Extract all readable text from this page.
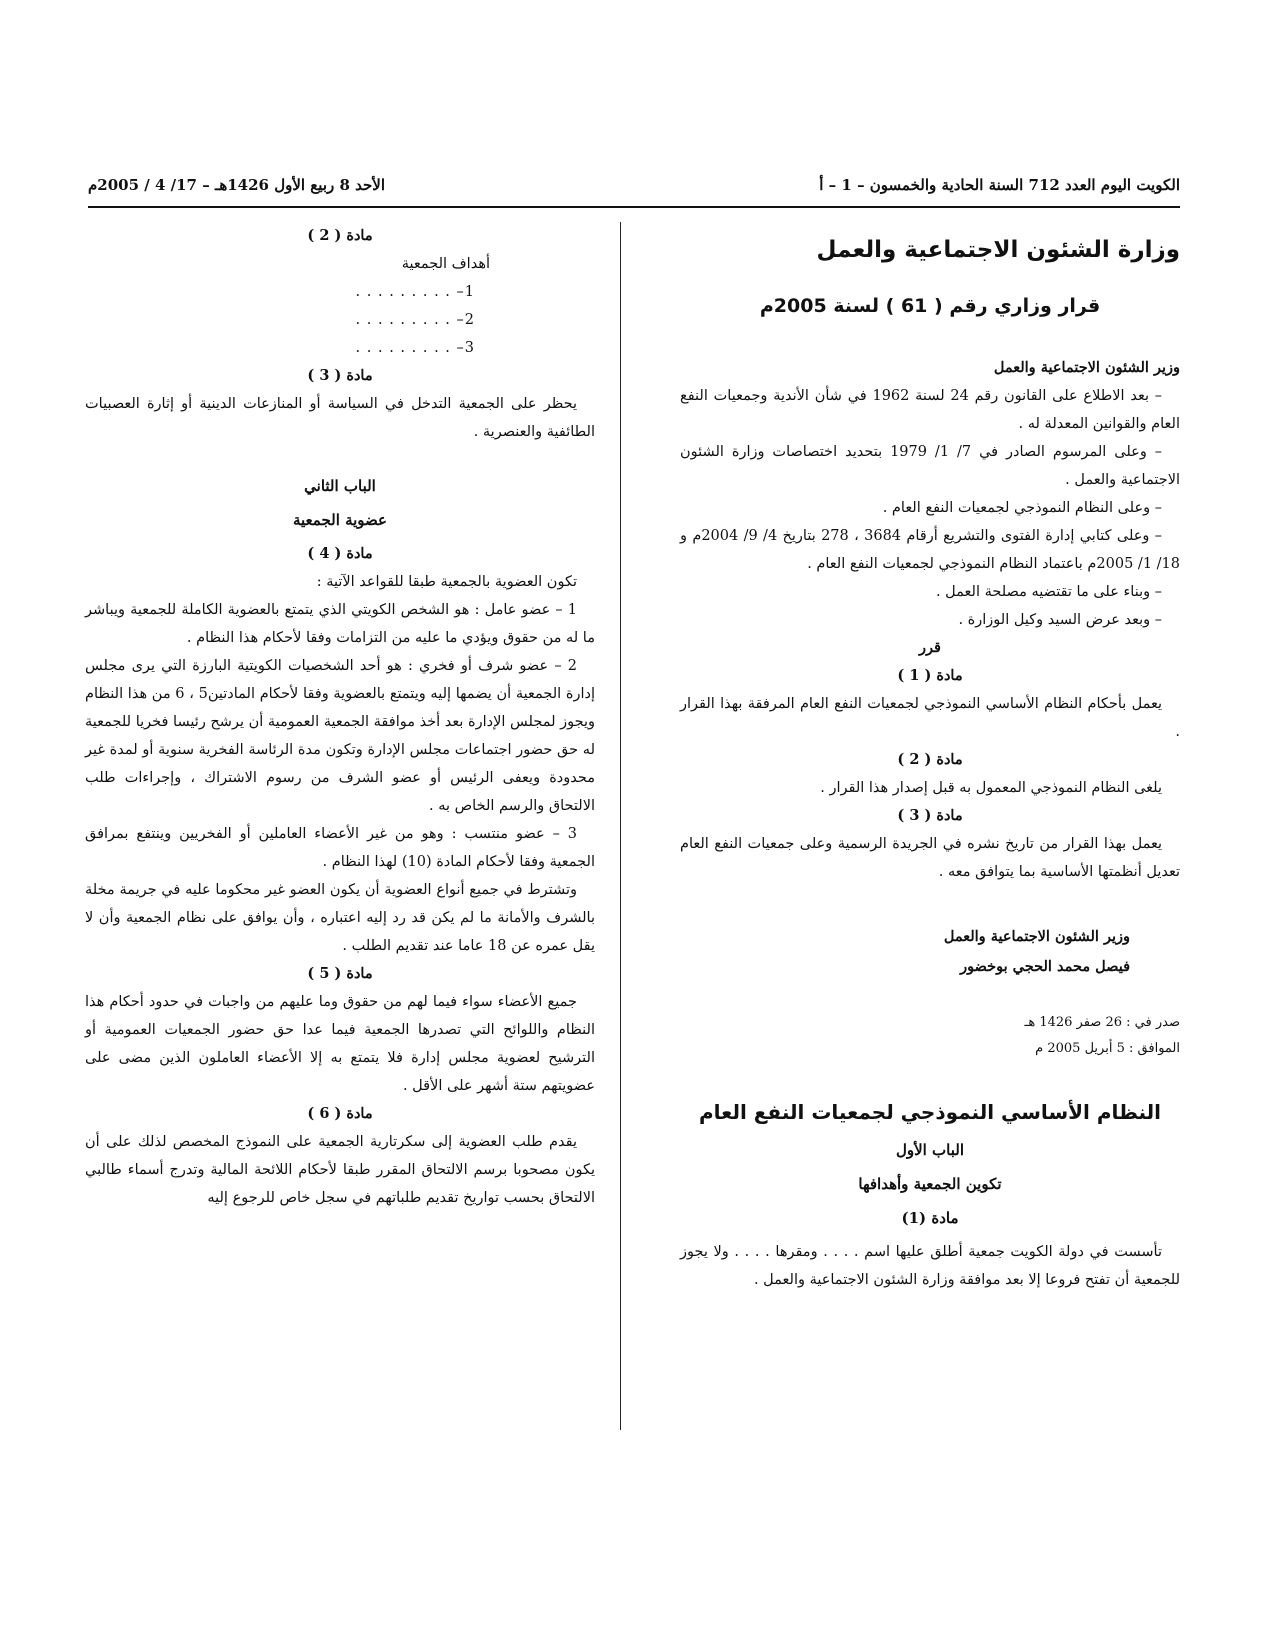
الكويت اليوم العدد 712 السنة الحادية والخمسون – 1 – أ
الأحد 8 ربيع الأول 1426هـ – 17/ 4 / 2005م
وزارة الشئون الاجتماعية والعمل
قرار وزاري رقم ( 61 ) لسنة 2005م
وزير الشئون الاجتماعية والعمل

– بعد الاطلاع على القانون رقم 24 لسنة 1962 في شأن الأندية وجمعيات النفع العام والقوانين المعدلة له .

– وعلى المرسوم الصادر في 7/ 1/ 1979 بتحديد اختصاصات وزارة الشئون الاجتماعية والعمل .

– وعلى النظام النموذجي لجمعيات النفع العام .

– وعلى كتابي إدارة الفتوى والتشريع أرقام 3684 ، 278 بتاريخ 4/ 9/ 2004م و 18/ 1/ 2005م باعتماد النظام النموذجي لجمعيات النفع العام .

– وبناء على ما تقتضيه مصلحة العمل .

– وبعد عرض السيد وكيل الوزارة .

قرر
مادة ( 1 )

يعمل بأحكام النظام الأساسي النموذجي لجمعيات النفع العام المرفقة بهذا القرار .

مادة ( 2 )

يلغى النظام النموذجي المعمول به قبل إصدار هذا القرار .

مادة ( 3 )

يعمل بهذا القرار من تاريخ نشره في الجريدة الرسمية وعلى جمعيات النفع العام تعديل أنظمتها الأساسية بما يتوافق معه .

وزير الشئون الاجتماعية والعمل
فيصل محمد الحجي بوخضور
صدر في : 26 صفر 1426 هـ
الموافق : 5 أبريل 2005 م
النظام الأساسي النموذجي لجمعيات النفع العام
الباب الأول
تكوين الجمعية وأهدافها
مادة (1)

تأسست في دولة الكويت جمعية أطلق عليها اسم . . . . ومقرها . . . . ولا يجوز للجمعية أن تفتح فروعا إلا بعد موافقة وزارة الشئون الاجتماعية والعمل .

مادة ( 2 )
أهداف الجمعية
1– . . . . . . . . .
2– . . . . . . . . .
3– . . . . . . . . .
مادة ( 3 )

يحظر على الجمعية التدخل في السياسة أو المنازعات الدينية أو إثارة العصبيات الطائفية والعنصرية .

الباب الثاني
عضوية الجمعية
مادة ( 4 )

تكون العضوية بالجمعية طبقا للقواعد الآتية :

1 – عضو عامل : هو الشخص الكويتي الذي يتمتع بالعضوية الكاملة للجمعية ويباشر ما له من حقوق ويؤدي ما عليه من التزامات وفقا لأحكام هذا النظام .

2 – عضو شرف أو فخري : هو أحد الشخصيات الكويتية البارزة التي يرى مجلس إدارة الجمعية أن يضمها إليه ويتمتع بالعضوية وفقا لأحكام المادتين5 ، 6 من هذا النظام ويجوز لمجلس الإدارة بعد أخذ موافقة الجمعية العمومية أن يرشح رئيسا فخريا للجمعية له حق حضور اجتماعات مجلس الإدارة وتكون مدة الرئاسة الفخرية سنوية أو لمدة غير محدودة ويعفى الرئيس أو عضو الشرف من رسوم الاشتراك ، وإجراءات طلب الالتحاق والرسم الخاص به .

3 – عضو منتسب : وهو من غير الأعضاء العاملين أو الفخريين وينتفع بمرافق الجمعية وفقا لأحكام المادة (10) لهذا النظام .

وتشترط في جميع أنواع العضوية أن يكون العضو غير محكوما عليه في جريمة مخلة بالشرف والأمانة ما لم يكن قد رد إليه اعتباره ، وأن يوافق على نظام الجمعية وأن لا يقل عمره عن 18 عاما عند تقديم الطلب .

مادة ( 5 )

جميع الأعضاء سواء فيما لهم من حقوق وما عليهم من واجبات في حدود أحكام هذا النظام واللوائح التي تصدرها الجمعية فيما عدا حق حضور الجمعيات العمومية أو الترشيح لعضوية مجلس إدارة فلا يتمتع به إلا الأعضاء العاملون الذين مضى على عضويتهم ستة أشهر على الأقل .

مادة ( 6 )

يقدم طلب العضوية إلى سكرتارية الجمعية على النموذج المخصص لذلك على أن يكون مصحوبا برسم الالتحاق المقرر طبقا لأحكام اللائحة المالية وتدرج أسماء طالبي الالتحاق بحسب تواريخ تقديم طلباتهم في سجل خاص للرجوع إليه
